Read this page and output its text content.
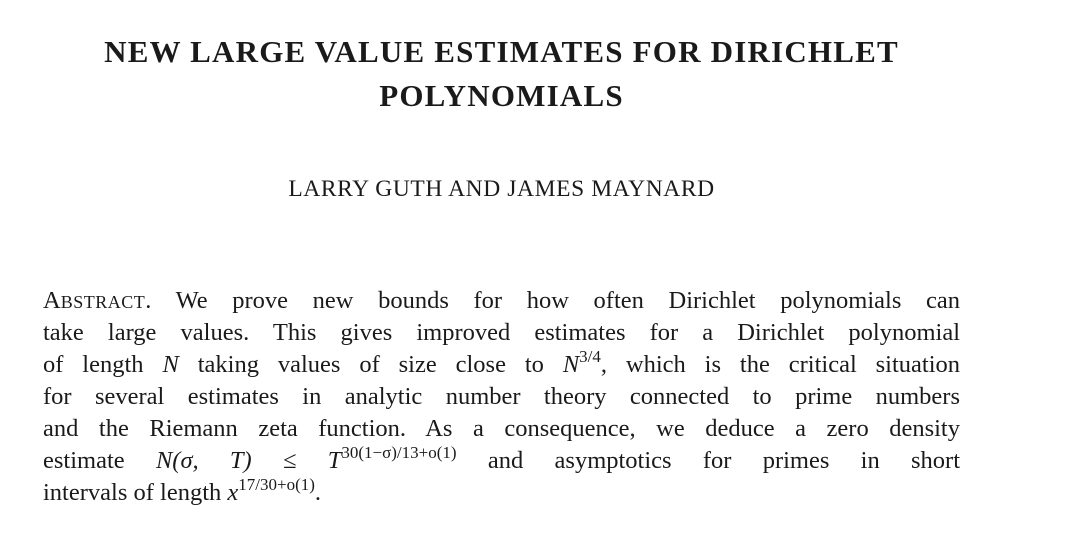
NEW LARGE VALUE ESTIMATES FOR DIRICHLET
POLYNOMIALS
LARRY GUTH AND JAMES MAYNARD
ABSTRACT. We prove new bounds for how often Dirichlet polynomials can
take large values. This gives improved estimates for a Dirichlet polynomial
of length N taking values of size close to $N^{3/4}$, which is the critical situation
for several estimates in analytic number theory connected to prime numbers
and the Riemann zeta function. As a consequence, we deduce a zero density
estimate N(σ, $T) \le T^{30(1-\sigma)/13+o(1)}$ and asymptotics for primes in short
intervals of length $x^{17/30+o(1)}$.
